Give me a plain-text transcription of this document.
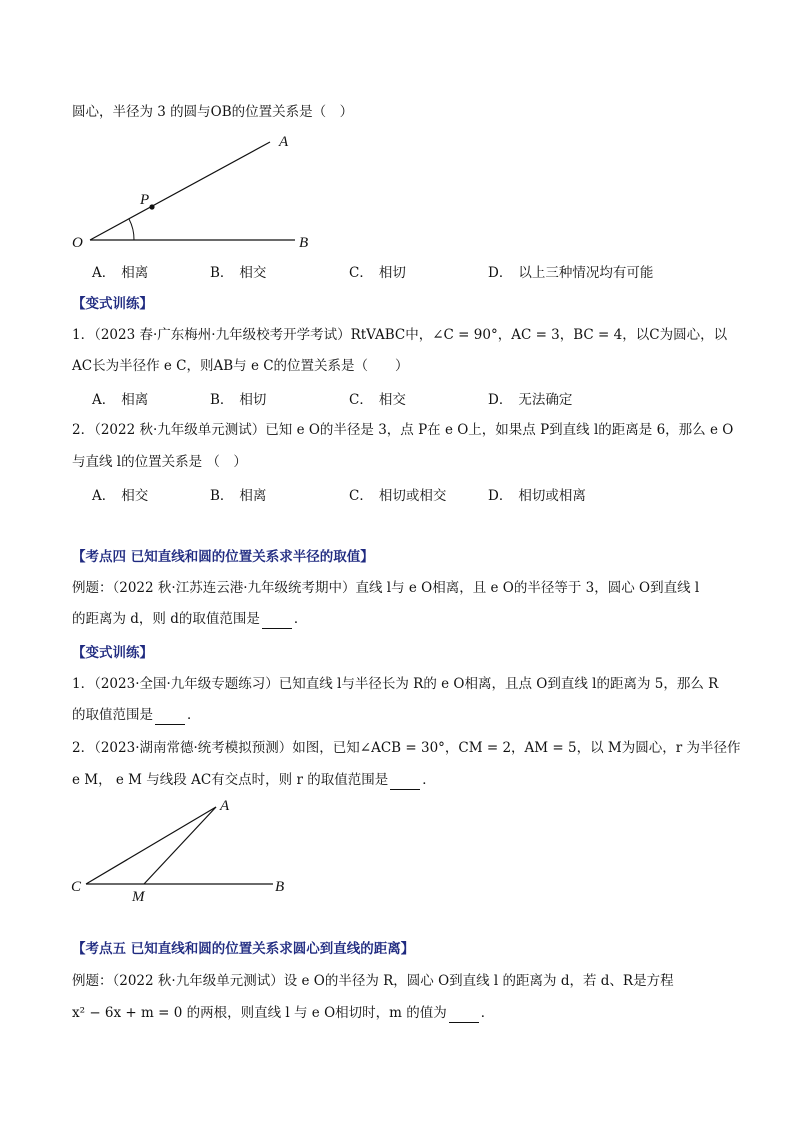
圆心，半径为 3 的圆与OB的位置关系是（　）
A
P
O	B
A． 相离	B． 相交	C． 相切	D． 以上三种情况均有可能
【变式训练】
1．（2023 春·广东梅州·九年级校考开学考试）RtVABC中，∠C = 90°，AC = 3，BC = 4，以C为圆心，以
AC长为半径作 e C，则AB与 e C的位置关系是（　　）
A． 相离	B． 相切	C． 相交	D． 无法确定
2．（2022 秋·九年级单元测试）已知 e O的半径是 3，点 P在 e O上，如果点 P到直线 l的距离是 6，那么 e O
与直线 l的位置关系是 （　）
A． 相交	B． 相离	C． 相切或相交	D． 相切或相离
【考点四 已知直线和圆的位置关系求半径的取值】
例题：（2022 秋·江苏连云港·九年级统考期中）直线 l与 e O相离，且 e O的半径等于 3，圆心 O到直线 l
的距离为 d，则 d的取值范围是	．
【变式训练】
1．（2023·全国·九年级专题练习）已知直线 l与半径长为 R的 e O相离，且点 O到直线 l的距离为 5，那么 R
的取值范围是	．
2．（2023·湖南常德·统考模拟预测）如图，已知∠ACB = 30°，CM = 2，AM = 5，以 M为圆心，r 为半径作
e M， e M 与线段 AC有交点时，则 r 的取值范围是	．
A
C
M
B
【考点五 已知直线和圆的位置关系求圆心到直线的距离】
例题：（2022 秋·九年级单元测试）设 e O的半径为 R，圆心 O到直线 l 的距离为 d，若 d、R是方程
x² − 6x + m = 0 的两根，则直线 l 与 e O相切时，m 的值为	．
